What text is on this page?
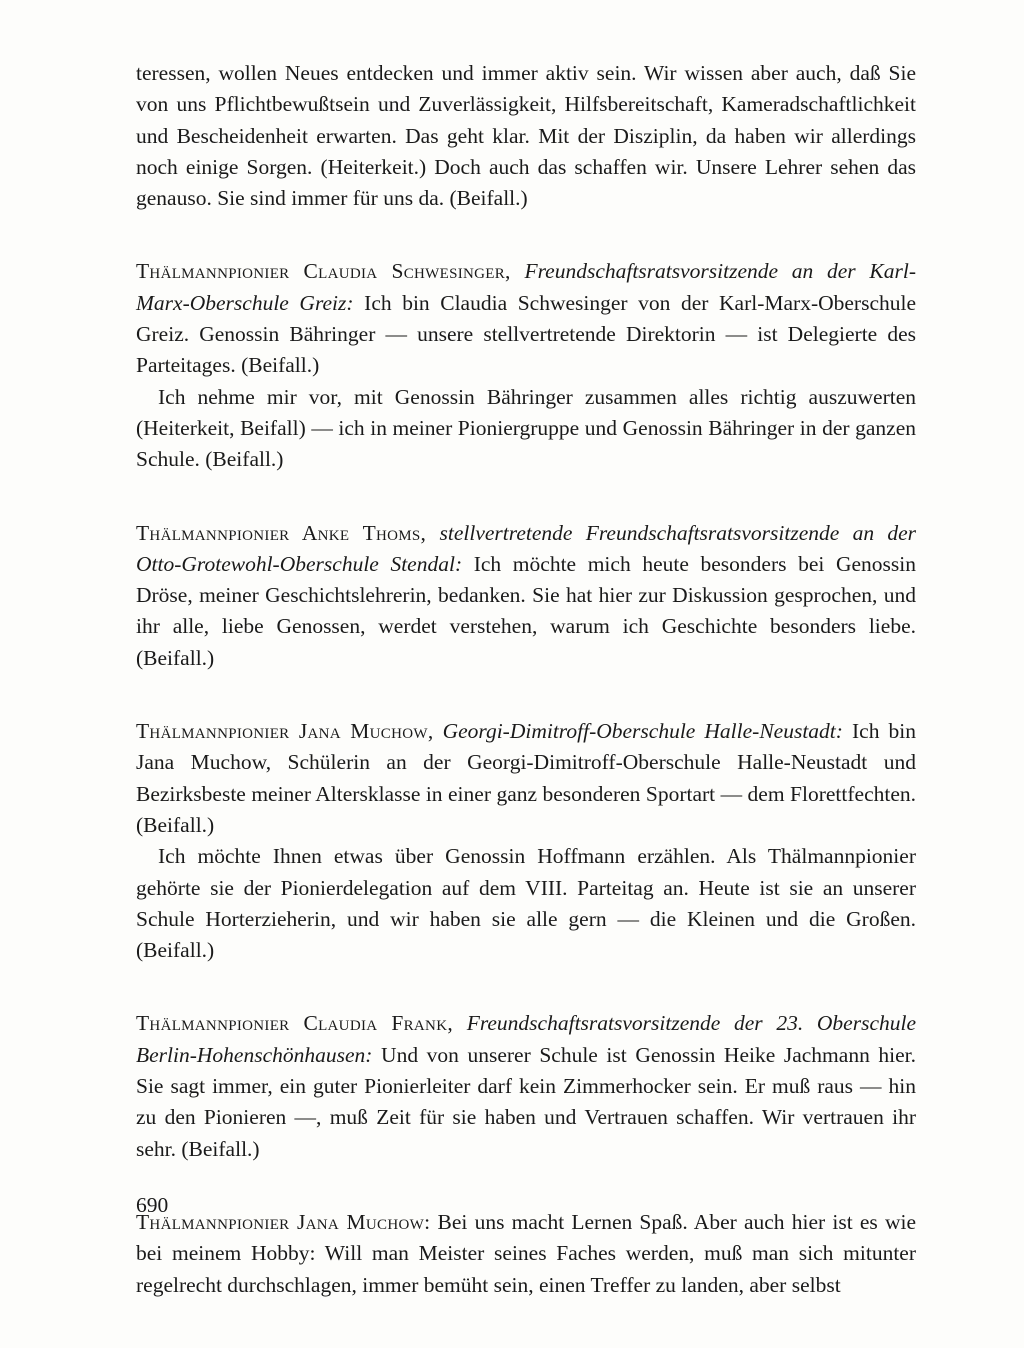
teressen, wollen Neues entdecken und immer aktiv sein. Wir wissen aber auch, daß Sie von uns Pflichtbewußtsein und Zuverlässigkeit, Hilfsbereitschaft, Kameradschaftlichkeit und Bescheidenheit erwarten. Das geht klar. Mit der Disziplin, da haben wir allerdings noch einige Sorgen. (Heiterkeit.) Doch auch das schaffen wir. Unsere Lehrer sehen das genauso. Sie sind immer für uns da. (Beifall.)

Thälmannpionier Claudia Schwesinger, Freundschaftsratsvorsitzende an der Karl-Marx-Oberschule Greiz: Ich bin Claudia Schwesinger von der Karl-Marx-Oberschule Greiz. Genossin Bähringer — unsere stellvertretende Direktorin — ist Delegierte des Parteitages. (Beifall.)

Ich nehme mir vor, mit Genossin Bähringer zusammen alles richtig auszuwerten (Heiterkeit, Beifall) — ich in meiner Pioniergruppe und Genossin Bähringer in der ganzen Schule. (Beifall.)

Thälmannpionier Anke Thoms, stellvertretende Freundschaftsratsvorsitzende an der Otto-Grotewohl-Oberschule Stendal: Ich möchte mich heute besonders bei Genossin Dröse, meiner Geschichtslehrerin, bedanken. Sie hat hier zur Diskussion gesprochen, und ihr alle, liebe Genossen, werdet verstehen, warum ich Geschichte besonders liebe. (Beifall.)

Thälmannpionier Jana Muchow, Georgi-Dimitroff-Oberschule Halle-Neustadt: Ich bin Jana Muchow, Schülerin an der Georgi-Dimitroff-Oberschule Halle-Neustadt und Bezirksbeste meiner Altersklasse in einer ganz besonderen Sportart — dem Florettfechten. (Beifall.)

Ich möchte Ihnen etwas über Genossin Hoffmann erzählen. Als Thälmannpionier gehörte sie der Pionierdelegation auf dem VIII. Parteitag an. Heute ist sie an unserer Schule Horterzieherin, und wir haben sie alle gern — die Kleinen und die Großen. (Beifall.)

Thälmannpionier Claudia Frank, Freundschaftsratsvorsitzende der 23. Oberschule Berlin-Hohenschönhausen: Und von unserer Schule ist Genossin Heike Jachmann hier. Sie sagt immer, ein guter Pionierleiter darf kein Zimmerhocker sein. Er muß raus — hin zu den Pionieren —, muß Zeit für sie haben und Vertrauen schaffen. Wir vertrauen ihr sehr. (Beifall.)

Thälmannpionier Jana Muchow: Bei uns macht Lernen Spaß. Aber auch hier ist es wie bei meinem Hobby: Will man Meister seines Faches werden, muß man sich mitunter regelrecht durchschlagen, immer bemüht sein, einen Treffer zu landen, aber selbst

690
